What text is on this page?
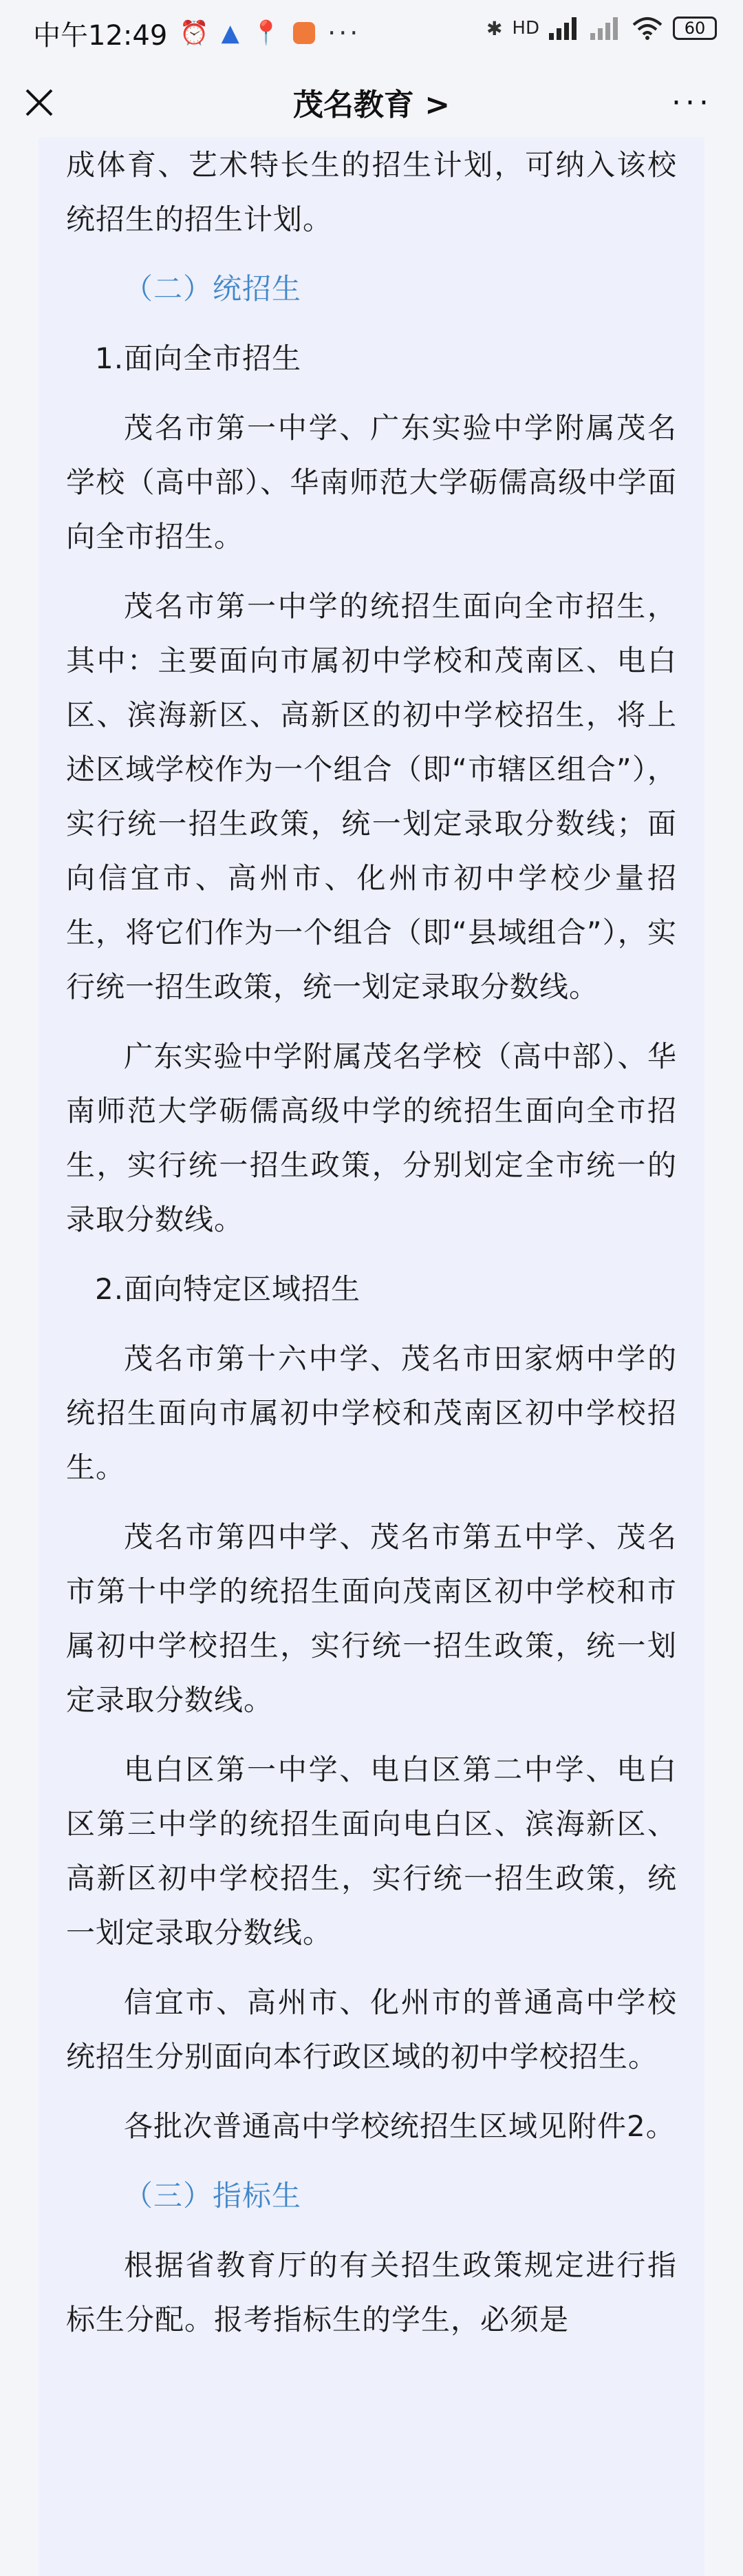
中午12:49 ⏰ ▲ 📍 ···	✱ HD	60
茂名教育 >	···

成体育、艺术特长生的招生计划，可纳入该校统招生的招生计划。

（二）统招生

1.面向全市招生

茂名市第一中学、广东实验中学附属茂名学校（高中部）、华南师范大学砺儒高级中学面向全市招生。

茂名市第一中学的统招生面向全市招生，其中：主要面向市属初中学校和茂南区、电白区、滨海新区、高新区的初中学校招生，将上述区域学校作为一个组合（即“市辖区组合”），实行统一招生政策，统一划定录取分数线；面向信宜市、高州市、化州市初中学校少量招生，将它们作为一个组合（即“县域组合”），实行统一招生政策，统一划定录取分数线。

广东实验中学附属茂名学校（高中部）、华南师范大学砺儒高级中学的统招生面向全市招生，实行统一招生政策，分别划定全市统一的录取分数线。

2.面向特定区域招生

茂名市第十六中学、茂名市田家炳中学的统招生面向市属初中学校和茂南区初中学校招生。

茂名市第四中学、茂名市第五中学、茂名市第十中学的统招生面向茂南区初中学校和市属初中学校招生，实行统一招生政策，统一划定录取分数线。

电白区第一中学、电白区第二中学、电白区第三中学的统招生面向电白区、滨海新区、高新区初中学校招生，实行统一招生政策，统一划定录取分数线。

信宜市、高州市、化州市的普通高中学校统招生分别面向本行政区域的初中学校招生。

各批次普通高中学校统招生区域见附件2。

（三）指标生

根据省教育厅的有关招生政策规定进行指标生分配。报考指标生的学生，必须是
